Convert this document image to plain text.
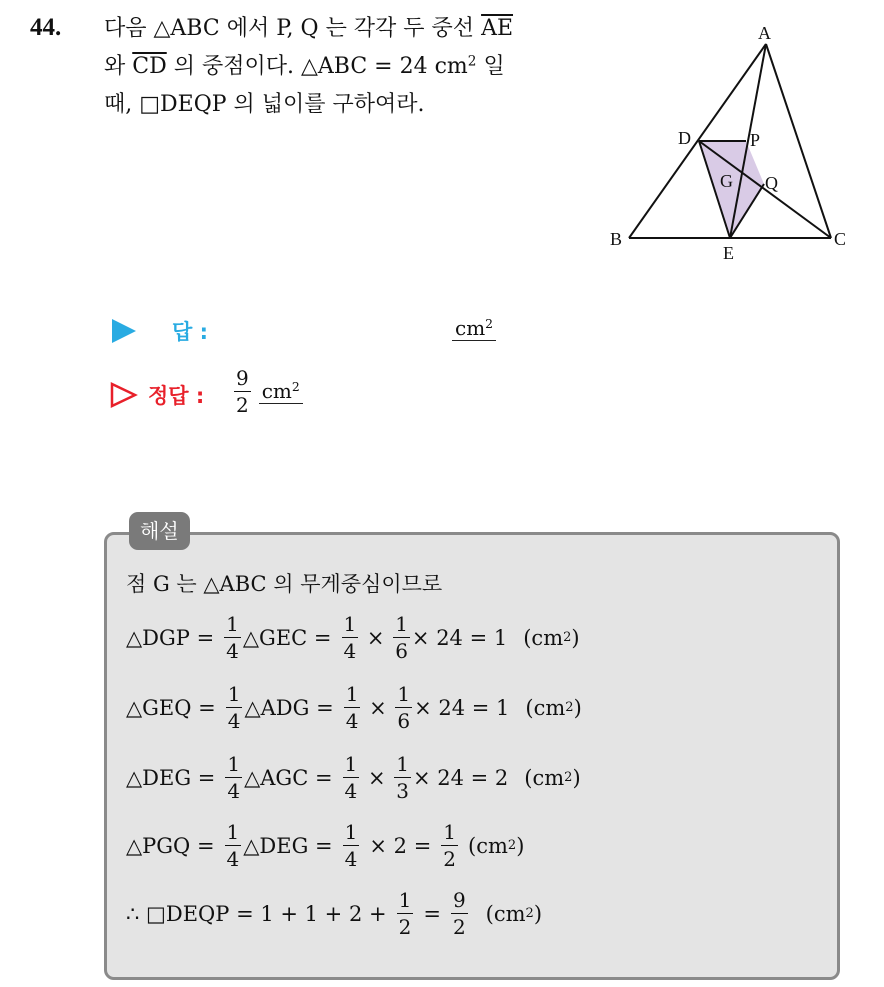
44. 다음 △ABC 에서 P, Q 는 각각 두 중선 $\overline{AE}$
와 $\overline{CD}$ 의 중점이다. △ABC = 24 $cm^2$ 일
때, □DEQP 의 넓이를 구하여라.
A
B	C
D
E
G
P
Q
답 :	$cm^2$
정답 : $\frac{9}{2} cm^2$
해설
점 G 는 △ABC 의 무게중심이므로
△DGP = $\frac{1}{4}$ △GEC = $\frac{1}{4} \times \frac{1}{6} \times 24 = 1$ (cm 2 )
△GEQ = $\frac{1}{4}$ △ADG = $\frac{1}{4} \times \frac{1}{6} \times 24 = 1$ (cm 2 )
△DEG = $\frac{1}{4}$ △AGC = $\frac{1}{4} \times \frac{1}{3} \times 24 = 2$ (cm 2 )
△PGQ = $\frac{1}{4}$ △DEG = $\frac{1}{4} \times 2 = \frac{1}{2} (cm$ 2 )
∴ □DEQP = $1 + 1 + 2 + \frac{1}{2} = \frac{9}{2} (cm$ 2 )
